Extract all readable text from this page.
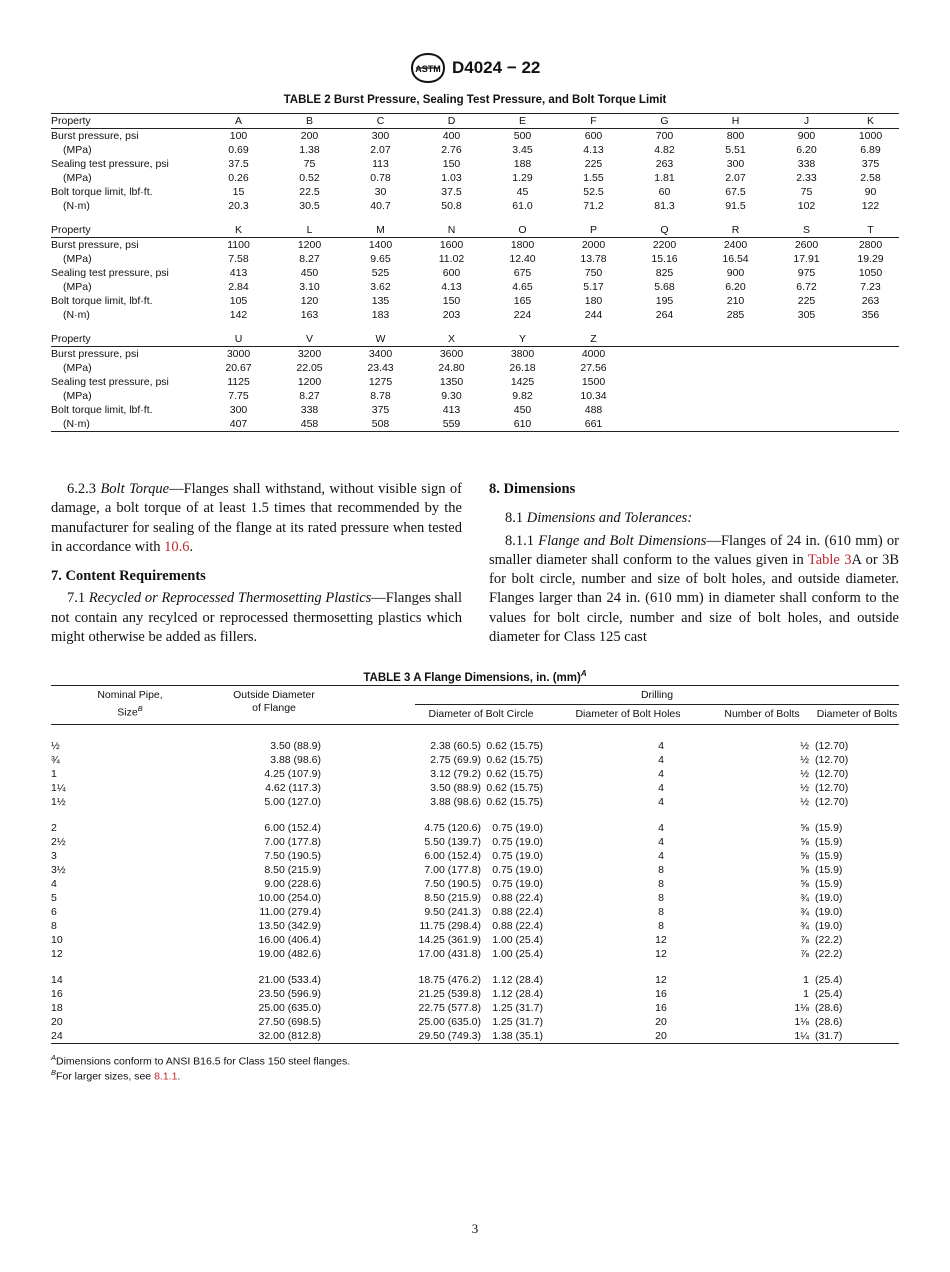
ASTM D4024 − 22
TABLE 2 Burst Pressure, Sealing Test Pressure, and Bolt Torque Limit
Property	A	B	C	D	E	F	G	H	J	K
Burst pressure, psi	100	200	300	400	500	600	700	800	900	1000
(MPa)	0.69	1.38	2.07	2.76	3.45	4.13	4.82	5.51	6.20	6.89
Sealing test pressure, psi	37.5	75	113	150	188	225	263	300	338	375
(MPa)	0.26	0.52	0.78	1.03	1.29	1.55	1.81	2.07	2.33	2.58
Bolt torque limit, lbf·ft.	15	22.5	30	37.5	45	52.5	60	67.5	75	90
(N·m)	20.3	30.5	40.7	50.8	61.0	71.2	81.3	91.5	102	122

Property	K	L	M	N	O	P	Q	R	S	T
Burst pressure, psi	1100	1200	1400	1600	1800	2000	2200	2400	2600	2800
(MPa)	7.58	8.27	9.65	11.02	12.40	13.78	15.16	16.54	17.91	19.29
Sealing test pressure, psi	413	450	525	600	675	750	825	900	975	1050
(MPa)	2.84	3.10	3.62	4.13	4.65	5.17	5.68	6.20	6.72	7.23
Bolt torque limit, lbf·ft.	105	120	135	150	165	180	195	210	225	263
(N·m)	142	163	183	203	224	244	264	285	305	356

Property	U	V	W	X	Y	Z				
Burst pressure, psi	3000	3200	3400	3600	3800	4000				
(MPa)	20.67	22.05	23.43	24.80	26.18	27.56				
Sealing test pressure, psi	1125	1200	1275	1350	1425	1500				
(MPa)	7.75	8.27	8.78	9.30	9.82	10.34				
Bolt torque limit, lbf·ft.	300	338	375	413	450	488				
(N·m)	407	458	508	559	610	661				

6.2.3 Bolt Torque—Flanges shall withstand, without visible sign of damage, a bolt torque of at least 1.5 times that recommended by the manufacturer for sealing of the flange at its rated pressure when tested in accordance with 10.6.

7. Content Requirements

7.1 Recycled or Reprocessed Thermosetting Plastics—Flanges shall not contain any recylced or reprocessed thermosetting plastics which might otherwise be added as fillers.

8. Dimensions

8.1 Dimensions and Tolerances:

8.1.1 Flange and Bolt Dimensions—Flanges of 24 in. (610 mm) or smaller diameter shall conform to the values given in Table 3A or 3B for bolt circle, number and size of bolt holes, and outside diameter. Flanges larger than 24 in. (610 mm) in diameter shall conform to the values for bolt circle, number and size of bolt holes, and outside diameter for Class 125 cast

TABLE 3 A Flange Dimensions, in. (mm)$^A$
Nominal Pipe,
Size$^B$	Outside Diameter
of Flange		Drilling					
			Diameter of Bolt Circle		Diameter of Bolt Holes		Number of Bolts	Diameter of Bolts

½	3.50 (88.9)		2.38 (60.5)	0.62 (15.75)		4	½	(12.70)
¾	3.88 (98.6)		2.75 (69.9)	0.62 (15.75)		4	½	(12.70)
1	4.25 (107.9)		3.12 (79.2)	0.62 (15.75)		4	½	(12.70)
1¼	4.62 (117.3)		3.50 (88.9)	0.62 (15.75)		4	½	(12.70)
1½	5.00 (127.0)		3.88 (98.6)	0.62 (15.75)		4	½	(12.70)

2	6.00 (152.4)		4.75 (120.6)	0.75 (19.0)		4	⅝	(15.9)
2½	7.00 (177.8)		5.50 (139.7)	0.75 (19.0)		4	⅝	(15.9)
3	7.50 (190.5)		6.00 (152.4)	0.75 (19.0)		4	⅝	(15.9)
3½	8.50 (215.9)		7.00 (177.8)	0.75 (19.0)		8	⅝	(15.9)
4	9.00 (228.6)		7.50 (190.5)	0.75 (19.0)		8	⅝	(15.9)
5	10.00 (254.0)		8.50 (215.9)	0.88 (22.4)		8	¾	(19.0)
6	11.00 (279.4)		9.50 (241.3)	0.88 (22.4)		8	¾	(19.0)
8	13.50 (342.9)		11.75 (298.4)	0.88 (22.4)		8	¾	(19.0)
10	16.00 (406.4)		14.25 (361.9)	1.00 (25.4)		12	⅞	(22.2)
12	19.00 (482.6)		17.00 (431.8)	1.00 (25.4)		12	⅞	(22.2)

14	21.00 (533.4)		18.75 (476.2)	1.12 (28.4)		12	1	(25.4)
16	23.50 (596.9)		21.25 (539.8)	1.12 (28.4)		16	1	(25.4)
18	25.00 (635.0)		22.75 (577.8)	1.25 (31.7)		16	1⅛	(28.6)
20	27.50 (698.5)		25.00 (635.0)	1.25 (31.7)		20	1⅛	(28.6)
24	32.00 (812.8)		29.50 (749.3)	1.38 (35.1)		20	1¼	(31.7)
$^A$Dimensions conform to ANSI B16.5 for Class 150 steel flanges.
$^B$For larger sizes, see 8.1.1.
3
